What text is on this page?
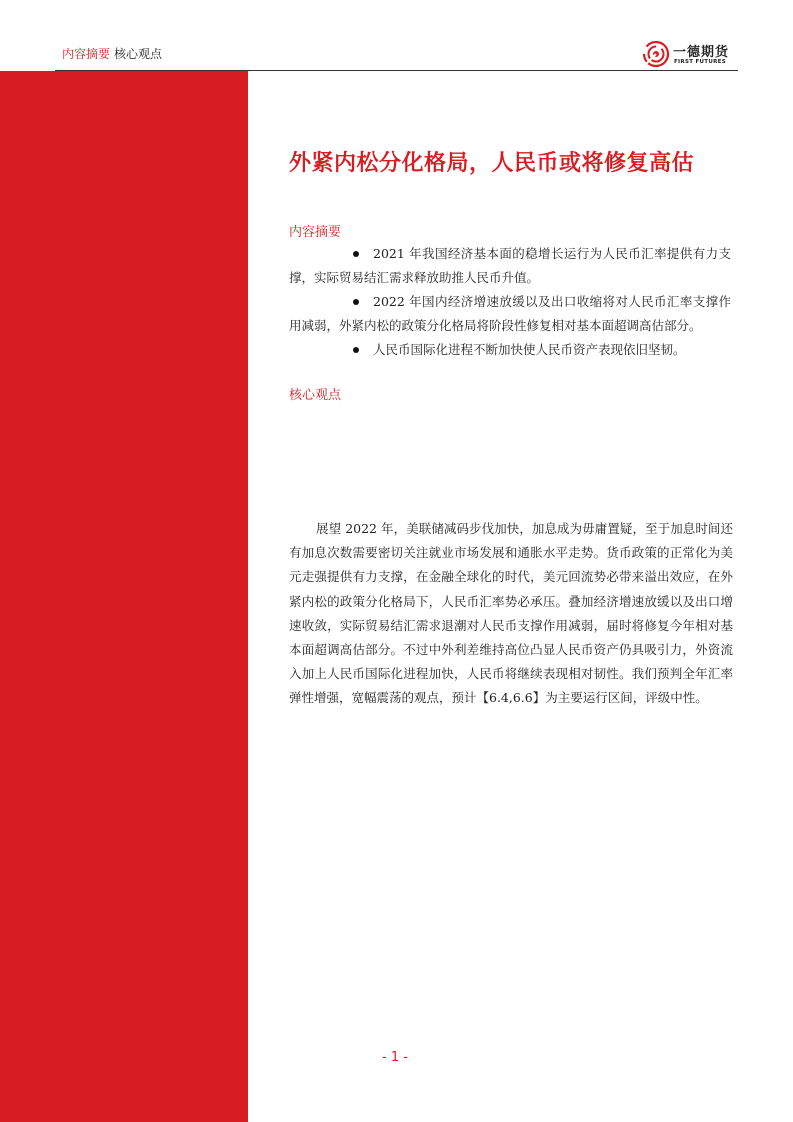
内容摘要 核心观点	一德期货
FIRST FUTURES
外紧内松分化格局，人民币或将修复高估
内容摘要
2021 年我国经济基本面的稳增长运行为人民币汇率提供有力支撑，实际贸易结汇需求释放助推人民币升值。
2022 年国内经济增速放缓以及出口收缩将对人民币汇率支撑作用减弱，外紧内松的政策分化格局将阶段性修复相对基本面超调高估部分。
人民币国际化进程不断加快使人民币资产表现依旧坚韧。
核心观点

展望 2022 年，美联储减码步伐加快，加息成为毋庸置疑，至于加息时间还有加息次数需要密切关注就业市场发展和通胀水平走势。货币政策的正常化为美元走强提供有力支撑，在金融全球化的时代，美元回流势必带来溢出效应，在外紧内松的政策分化格局下，人民币汇率势必承压。叠加经济增速放缓以及出口增速收敛，实际贸易结汇需求退潮对人民币支撑作用减弱，届时将修复今年相对基本面超调高估部分。不过中外利差维持高位凸显人民币资产仍具吸引力，外资流入加上人民币国际化进程加快，人民币将继续表现相对韧性。我们预判全年汇率弹性增强，宽幅震荡的观点，预计【6.4,6.6】为主要运行区间，评级中性。

- 1 -
